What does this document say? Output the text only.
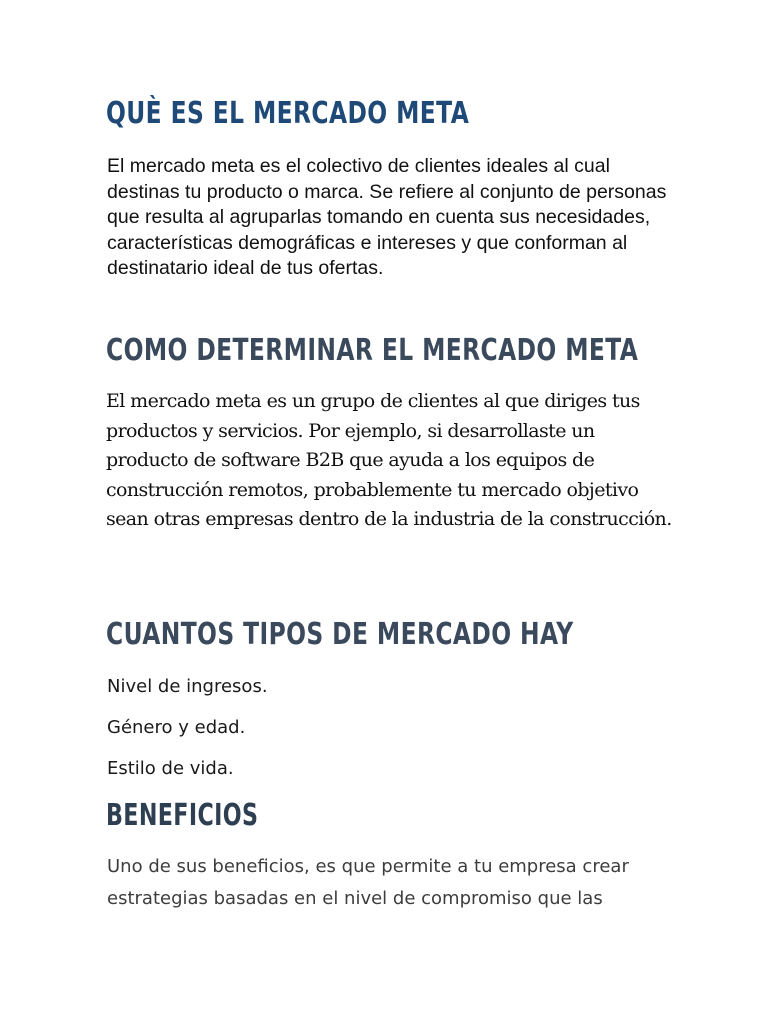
QUÈ ES EL MERCADO META

El mercado meta es el colectivo de clientes ideales al cual destinas tu producto o marca. Se refiere al conjunto de personas que resulta al agruparlas tomando en cuenta sus necesidades, características demográficas e intereses y que conforman al destinatario ideal de tus ofertas.

COMO DETERMINAR EL MERCADO META

El mercado meta es un grupo de clientes al que diriges tus productos y servicios. Por ejemplo, si desarrollaste un producto de software B2B que ayuda a los equipos de construcción remotos, probablemente tu mercado objetivo sean otras empresas dentro de la industria de la construcción.

CUANTOS TIPOS DE MERCADO HAY
Nivel de ingresos.
Género y edad.
Estilo de vida.
BENEFICIOS

Uno de sus beneficios, es que permite a tu empresa crear estrategias basadas en el nivel de compromiso que las
